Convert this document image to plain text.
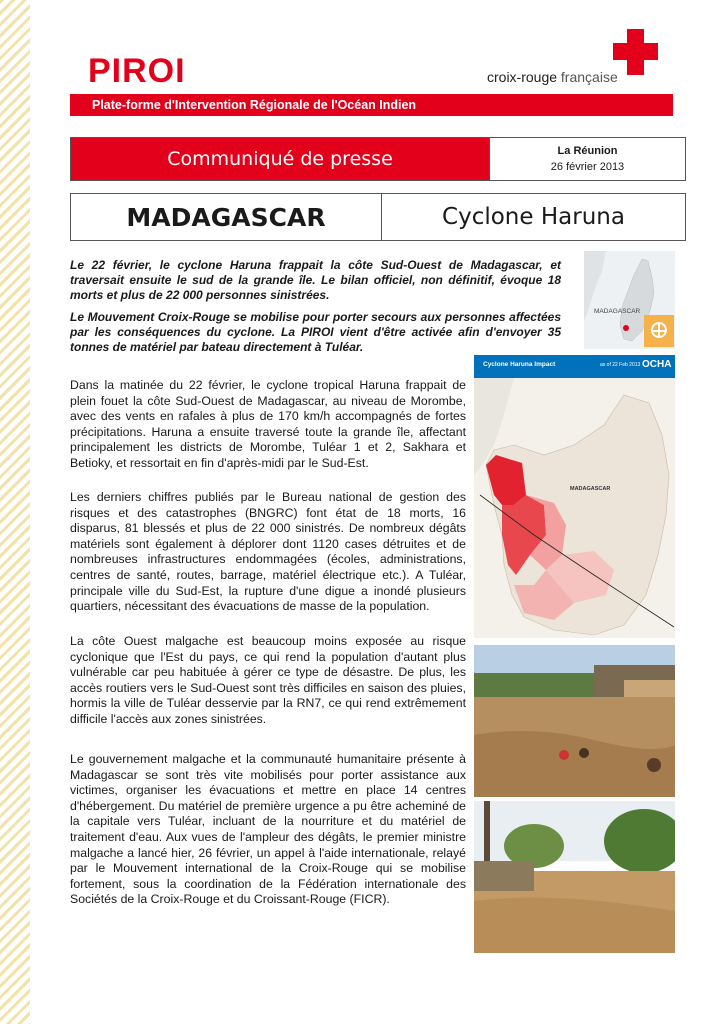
PIROI	croix-rouge française
Plate-forme d'Intervention Régionale de l'Océan Indien
Communiqué de presse	La Réunion
26 février 2013
MADAGASCAR	Cyclone Haruna

Le 22 février, le cyclone Haruna frappait la côte Sud-Ouest de Madagascar, et traversait ensuite le sud de la grande île. Le bilan officiel, non définitif, évoque 18 morts et plus de 22 000 personnes sinistrées.

Le Mouvement Croix-Rouge se mobilise pour porter secours aux personnes affectées par les conséquences du cyclone. La PIROI vient d'être activée afin d'envoyer 35 tonnes de matériel par bateau directement à Tuléar.

Dans la matinée du 22 février, le cyclone tropical Haruna frappait de plein fouet la côte Sud-Ouest de Madagascar, au niveau de Morombe, avec des vents en rafales à plus de 170 km/h accompagnés de fortes précipitations. Haruna a ensuite traversé toute la grande île, affectant principalement les districts de Morombe, Tuléar 1 et 2, Sakhara et Betioky, et ressortait en fin d'après-midi par le Sud-Est.

Les derniers chiffres publiés par le Bureau national de gestion des risques et des catastrophes (BNGRC) font état de 18 morts, 16 disparus, 81 blessés et plus de 22 000 sinistrés. De nombreux dégâts matériels sont également à déplorer dont 1120 cases détruites et de nombreuses infrastructures endommagées (écoles, administrations, centres de santé, routes, barrage, matériel électrique etc.). A Tuléar, principale ville du Sud-Est, la rupture d'une digue a inondé plusieurs quartiers, nécessitant des évacuations de masse de la population.

La côte Ouest malgache est beaucoup moins exposée au risque cyclonique que l'Est du pays, ce qui rend la population d'autant plus vulnérable car peu habituée à gérer ce type de désastre. De plus, les accès routiers vers le Sud-Ouest sont très difficiles en saison des pluies, hormis la ville de Tuléar desservie par la RN7, ce qui rend extrêmement difficile l'accès aux zones sinistrées.

Le gouvernement malgache et la communauté humanitaire présente à Madagascar se sont très vite mobilisés pour porter assistance aux victimes, organiser les évacuations et mettre en place 14 centres d'hébergement. Du matériel de première urgence a pu être acheminé de la capitale vers Tuléar, incluant de la nourriture et du matériel de traitement d'eau. Aux vues de l'ampleur des dégâts, le premier ministre malgache a lancé hier, 26 février, un appel à l'aide internationale, relayé par le Mouvement international de la Croix-Rouge qui se mobilise fortement, sous la coordination de la Fédération internationale des Sociétés de la Croix-Rouge et du Croissant-Rouge (FICR).

MADAGASCAR
Cyclone Haruna Impact	as of 22 Feb 2013 OCHA
MADAGASCAR
